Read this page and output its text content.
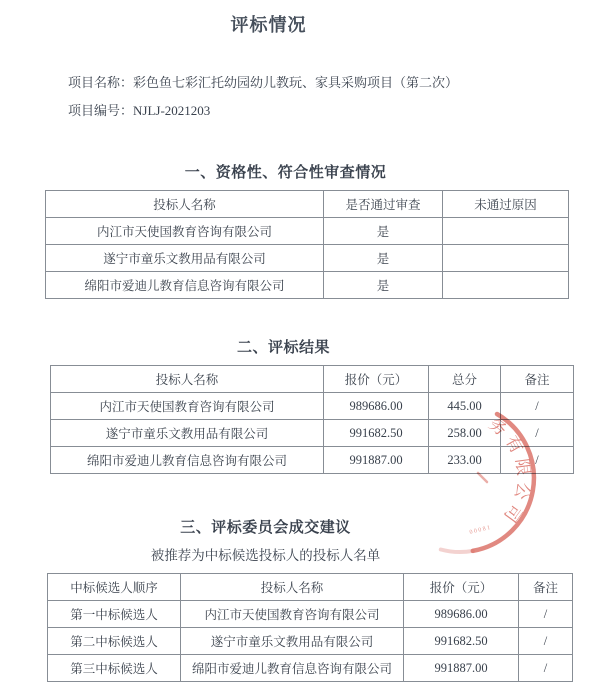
评标情况
项目名称：彩色鱼七彩汇托幼园幼儿教玩、家具采购项目（第二次）
项目编号：NJLJ-2021203
一、资格性、符合性审查情况
投标人名称	是否通过审查	未通过原因
内江市天使国教育咨询有限公司	是	
遂宁市童乐文教用品有限公司	是	
绵阳市爱迪儿教育信息咨询有限公司	是	
二、评标结果
投标人名称	报价（元）	总分	备注
内江市天使国教育咨询有限公司	989686.00	445.00	/
遂宁市童乐文教用品有限公司	991682.50	258.00	/
绵阳市爱迪儿教育信息咨询有限公司	991887.00	233.00	/
三、评标委员会成交建议
被推荐为中标候选投标人的投标人名单
中标候选人顺序	投标人名称	报价（元）	备注
第一中标候选人	内江市天使国教育咨询有限公司	989686.00	/
第二中标候选人	遂宁市童乐文教用品有限公司	991682.50	/
第三中标候选人	绵阳市爱迪儿教育信息咨询有限公司	991887.00	/
务有限公司
00081
